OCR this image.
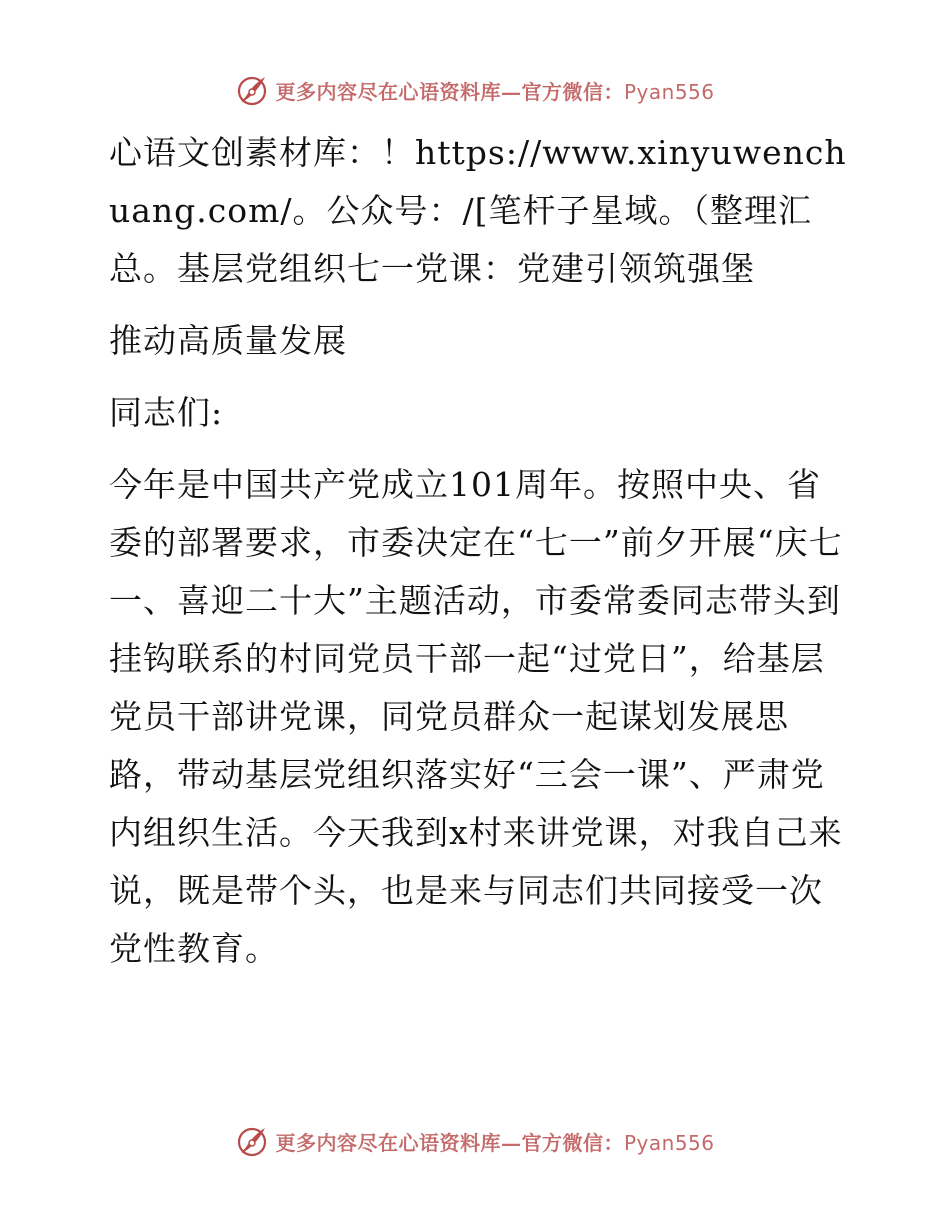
更多内容尽在心语资料库—官方微信：Pyan556

心语文创素材库：！https://www.xinyuwenchuang.com/。公众号：/[笔杆子星域。（整理汇总。基层党组织七一党课：党建引领筑强堡

推动高质量发展

同志们:

今年是中国共产党成立101周年。按照中央、省委的部署要求，市委决定在“七一”前夕开展“庆七一、喜迎二十大”主题活动，市委常委同志带头到挂钩联系的村同党员干部一起“过党日”，给基层党员干部讲党课，同党员群众一起谋划发展思路，带动基层党组织落实好“三会一课”、严肃党内组织生活。今天我到x村来讲党课，对我自己来说，既是带个头，也是来与同志们共同接受一次党性教育。

更多内容尽在心语资料库—官方微信：Pyan556
